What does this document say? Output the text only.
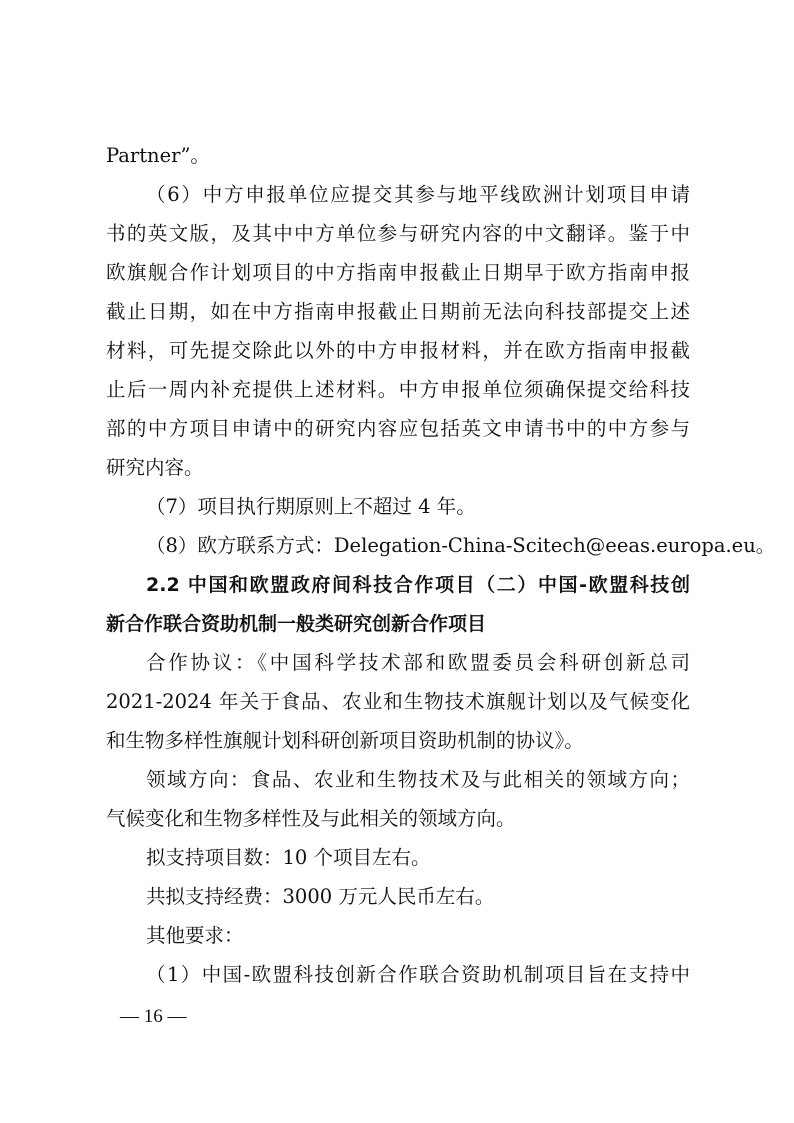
Partner”。
（6）中方申报单位应提交其参与地平线欧洲计划项目申请
书的英文版，及其中中方单位参与研究内容的中文翻译。鉴于中
欧旗舰合作计划项目的中方指南申报截止日期早于欧方指南申报
截止日期，如在中方指南申报截止日期前无法向科技部提交上述
材料，可先提交除此以外的中方申报材料，并在欧方指南申报截
止后一周内补充提供上述材料。中方申报单位须确保提交给科技
部的中方项目申请中的研究内容应包括英文申请书中的中方参与
研究内容。
（7）项目执行期原则上不超过 4 年。
（8）欧方联系方式：Delegation-China-Scitech@eeas.europa.eu。
2.2 中国和欧盟政府间科技合作项目（二）中国-欧盟科技创
新合作联合资助机制一般类研究创新合作项目
合作协议：《中国科学技术部和欧盟委员会科研创新总司
2021-2024 年关于食品、农业和生物技术旗舰计划以及气候变化
和生物多样性旗舰计划科研创新项目资助机制的协议》。
领域方向：食品、农业和生物技术及与此相关的领域方向；
气候变化和生物多样性及与此相关的领域方向。
拟支持项目数：10 个项目左右。
共拟支持经费：3000 万元人民币左右。
其他要求：
（1）中国-欧盟科技创新合作联合资助机制项目旨在支持中
— 16 —
